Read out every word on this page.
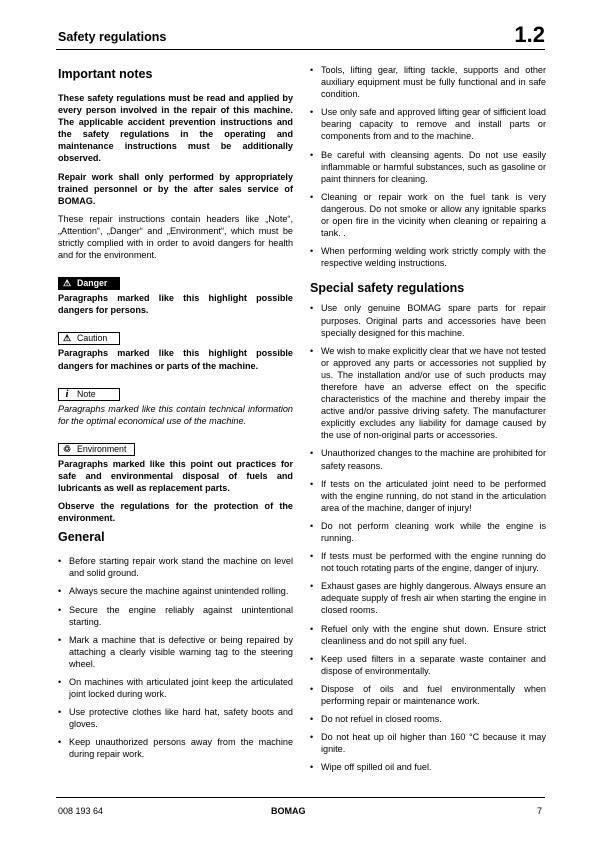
Safety regulations	1.2
Important notes

These safety regulations must be read and applied by every person involved in the repair of this machine. The applicable accident prevention instructions and the safety regulations in the operating and maintenance instructions must be additionally observed.

Repair work shall only performed by appropriately trained personnel or by the after sales service of BOMAG.

These repair instructions contain headers like „Note“, „Attention“, „Danger“ and „Environment“, which must be strictly complied with in order to avoid dangers for health and for the environment.

⚠ Danger

Paragraphs marked like this highlight possible dangers for persons.

⚠ Caution

Paragraphs marked like this highlight possible dangers for machines or parts of the machine.

i Note

Paragraphs marked like this contain technical information for the optimal economical use of the machine.

♲ Environment

Paragraphs marked like this point out practices for safe and environmental disposal of fuels and lubricants as well as replacement parts.

Observe the regulations for the protection of the environment.

General
• Before starting repair work stand the machine on level and solid ground.
• Always secure the machine against unintended rolling.
• Secure the engine reliably against unintentional starting.
• Mark a machine that is defective or being repaired by attaching a clearly visible warning tag to the steering wheel.
• On machines with articulated joint keep the articulated joint locked during work.
• Use protective clothes like hard hat, safety boots and gloves.
• Keep unauthorized persons away from the machine during repair work.
• Tools, lifting gear, lifting tackle, supports and other auxiliary equipment must be fully functional and in safe condition.
• Use only safe and approved lifting gear of sifficient load bearing capacity to remove and install parts or components from and to the machine.
• Be careful with cleansing agents. Do not use easily inflammable or harmful substances, such as gasoline or paint thinners for cleaning.
• Cleaning or repair work on the fuel tank is very dangerous. Do not smoke or allow any ignitable sparks or open fire in the vicinity when cleaning or repairing a tank. .
• When performing welding work strictly comply with the respective welding instructions.
Special safety regulations
• Use only genuine BOMAG spare parts for repair purposes. Original parts and accessories have been specially designed for this machine.
• We wish to make explicitly clear that we have not tested or approved any parts or accessories not supplied by us. The installation and/or use of such products may therefore have an adverse effect on the specific characteristics of the machine and thereby impair the active and/or passive driving safety. The manufacturer explicitly excludes any liability for damage caused by the use of non-original parts or accessories.
• Unauthorized changes to the machine are prohibited for safety reasons.
• If tests on the articulated joint need to be performed with the engine running, do not stand in the articulation area of the machine, danger of injury!
• Do not perform cleaning work while the engine is running.
• If tests must be performed with the engine running do not touch rotating parts of the engine, danger of injury.
• Exhaust gases are highly dangerous. Always ensure an adequate supply of fresh air when starting the engine in closed rooms.
• Refuel only with the engine shut down. Ensure strict cleanliness and do not spill any fuel.
• Keep used filters in a separate waste container and dispose of environmentally.
• Dispose of oils and fuel environmentally when performing repair or maintenance work.
• Do not refuel in closed rooms.
• Do not heat up oil higher than 160 °C because it may ignite.
• Wipe off spilled oil and fuel.
008 193 64	BOMAG	7
